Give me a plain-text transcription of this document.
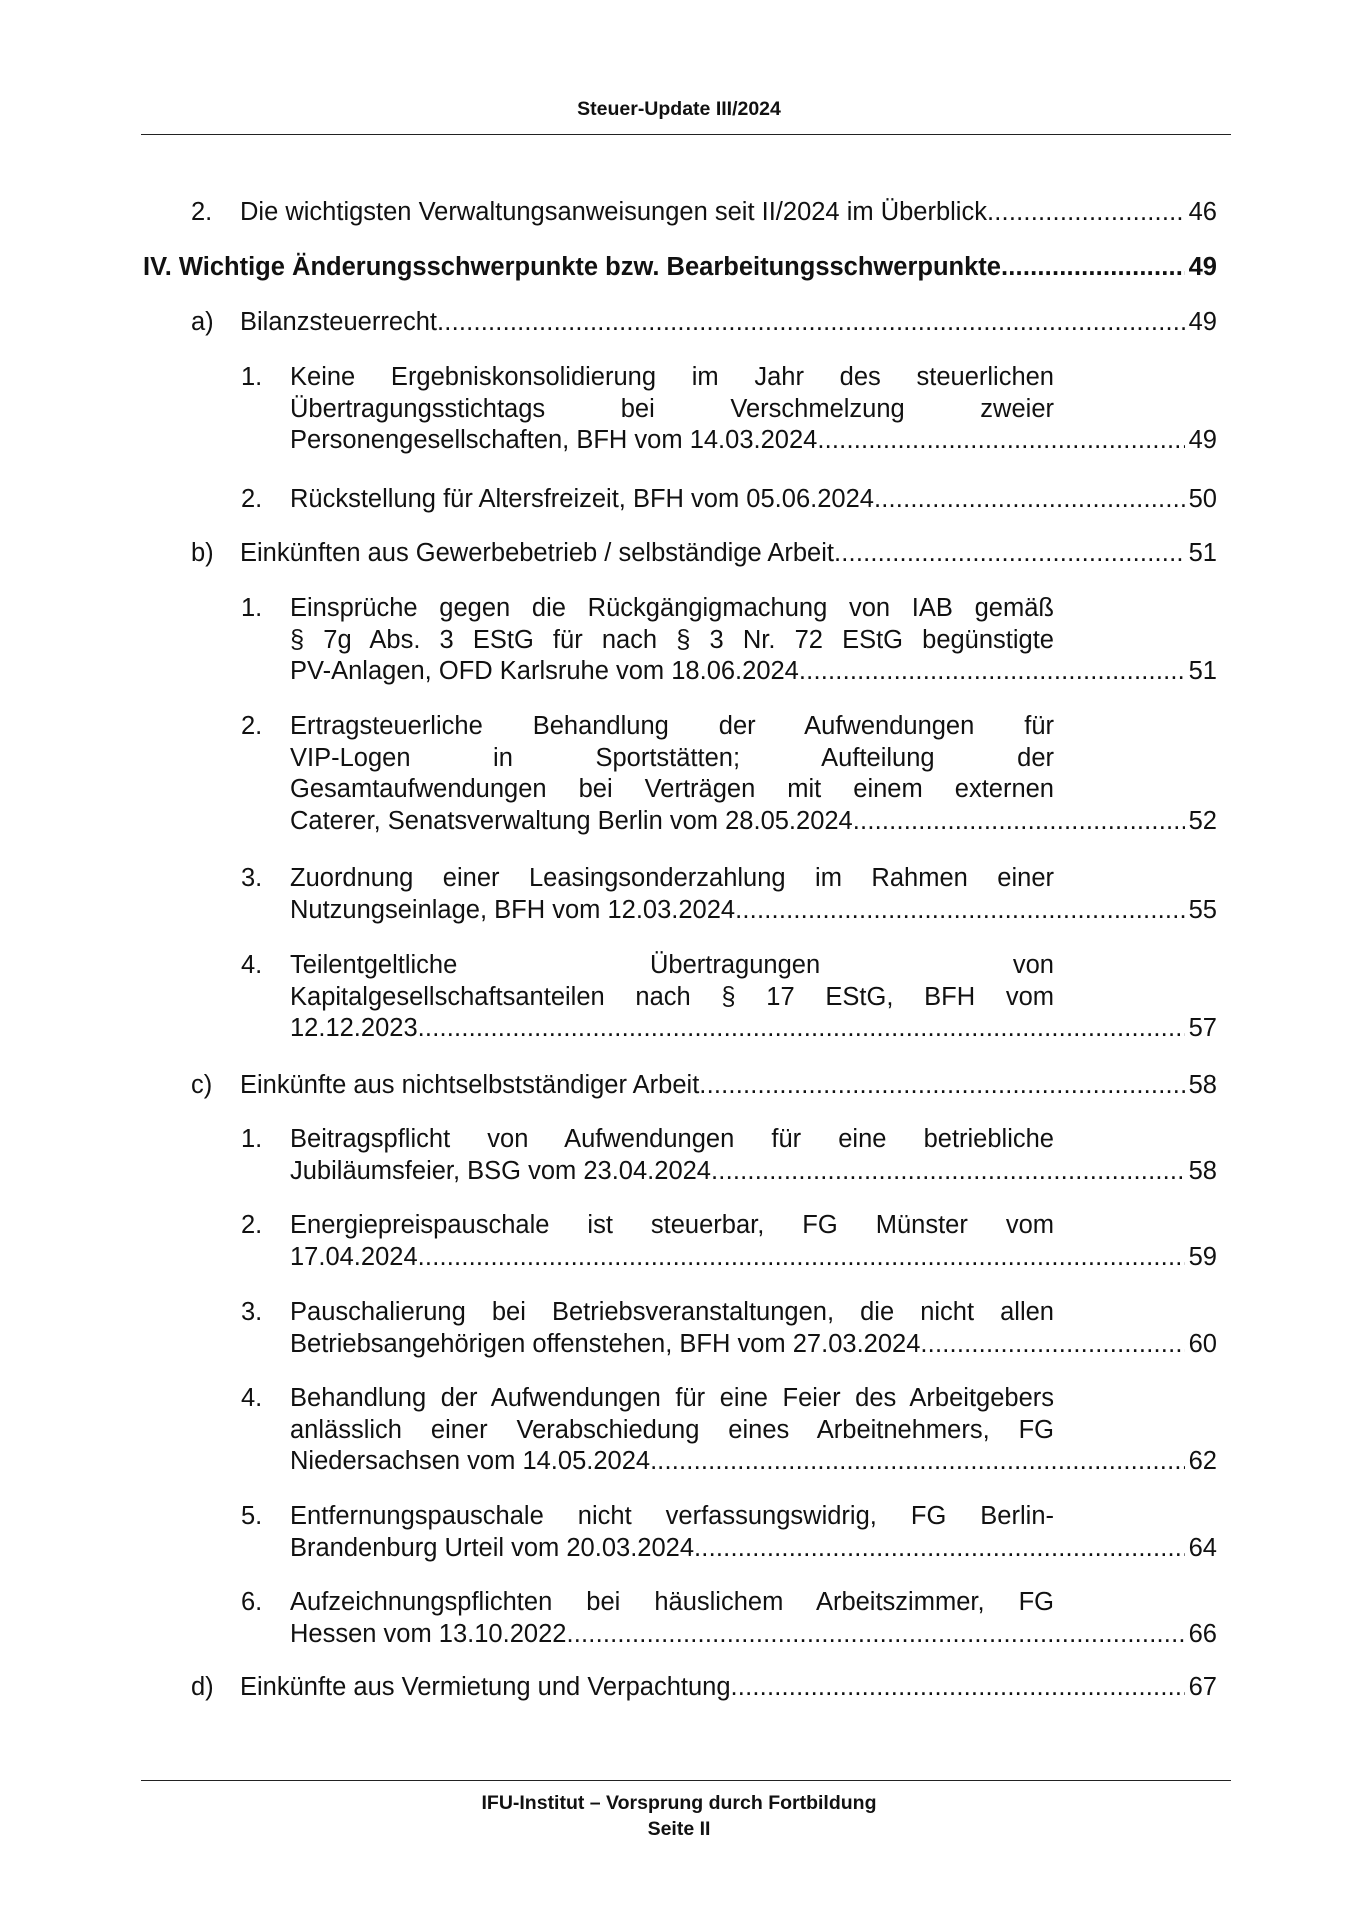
Steuer-Update III/2024
2. Die wichtigsten Verwaltungsanweisungen seit II/2024 im Überblick .....	46
IV. Wichtige Änderungsschwerpunkte bzw. Bearbeitungsschwerpunkte .....	49
a) Bilanzsteuerrecht .....	49
1. Keine Ergebniskonsolidierung im Jahr des steuerlichen
Übertragungsstichtags bei Verschmelzung zweier
Personengesellschaften, BFH vom 14.03.2024 .....	49
2. Rückstellung für Altersfreizeit, BFH vom 05.06.2024 .....	50
b) Einkünften aus Gewerbebetrieb / selbständige Arbeit .....	51
1. Einsprüche gegen die Rückgängigmachung von IAB gemäß
§ 7g Abs. 3 EStG für nach § 3 Nr. 72 EStG begünstigte
PV-Anlagen, OFD Karlsruhe vom 18.06.2024 .....	51
2. Ertragsteuerliche Behandlung der Aufwendungen für
VIP-Logen in Sportstätten; Aufteilung der
Gesamtaufwendungen bei Verträgen mit einem externen
Caterer, Senatsverwaltung Berlin vom 28.05.2024 .....	52
3. Zuordnung einer Leasingsonderzahlung im Rahmen einer
Nutzungseinlage, BFH vom 12.03.2024 .....	55
4. Teilentgeltliche Übertragungen von
Kapitalgesellschaftsanteilen nach § 17 EStG, BFH vom
12.12.2023 .....	57
c) Einkünfte aus nichtselbstständiger Arbeit .....	58
1. Beitragspflicht von Aufwendungen für eine betriebliche
Jubiläumsfeier, BSG vom 23.04.2024 .....	58
2. Energiepreispauschale ist steuerbar, FG Münster vom
17.04.2024 .....	59
3. Pauschalierung bei Betriebsveranstaltungen, die nicht allen
Betriebsangehörigen offenstehen, BFH vom 27.03.2024 .....	60
4. Behandlung der Aufwendungen für eine Feier des Arbeitgebers
anlässlich einer Verabschiedung eines Arbeitnehmers, FG
Niedersachsen vom 14.05.2024. .....	62
5. Entfernungspauschale nicht verfassungswidrig, FG Berlin-
Brandenburg Urteil vom 20.03.2024 .....	64
6. Aufzeichnungspflichten bei häuslichem Arbeitszimmer, FG
Hessen vom 13.10.2022 .....	66
d) Einkünfte aus Vermietung und Verpachtung .....	67
IFU-Institut – Vorsprung durch Fortbildung
Seite II
